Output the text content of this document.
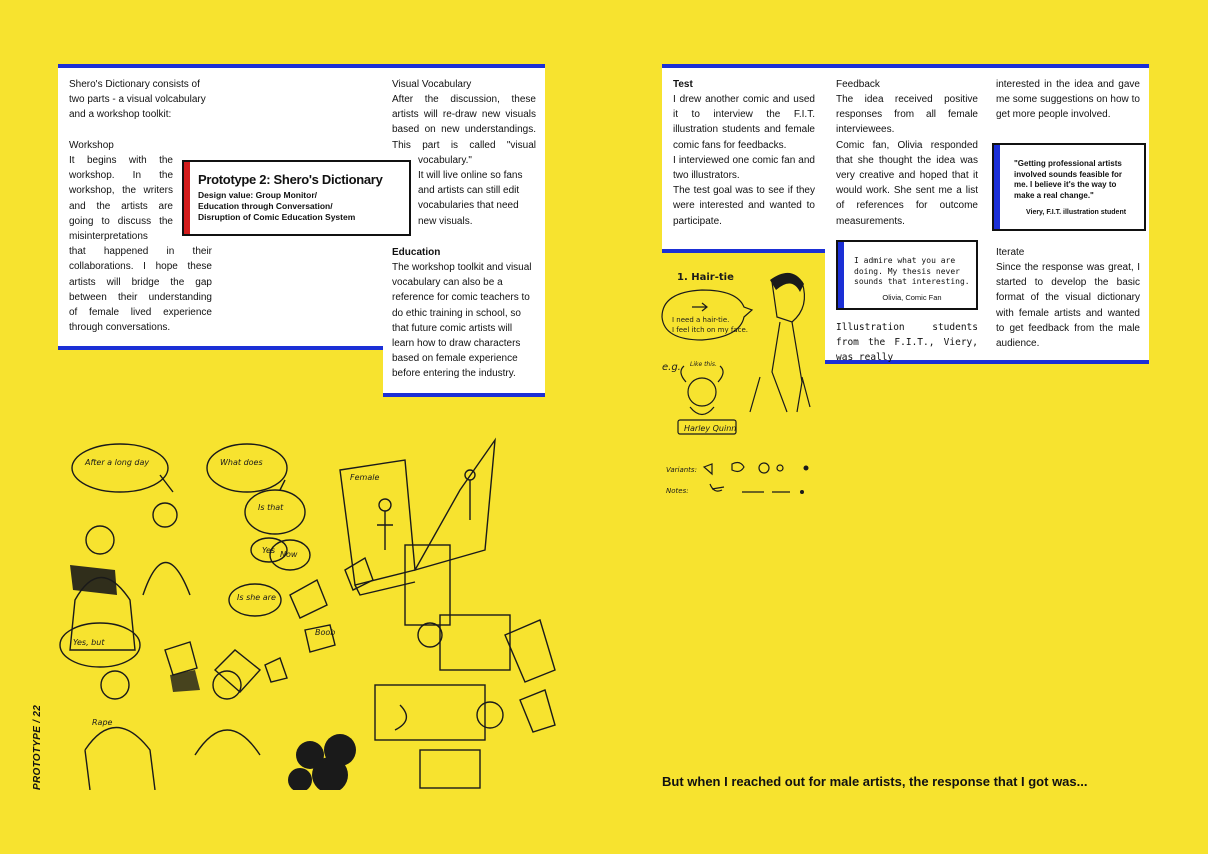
Shero's Dictionary consists of two parts - a visual volcabulary and a workshop toolkit:

Workshop
It begins with the
workshop. In the
workshop, the writers
and the artists are
going to discuss the
misinterpretations
that happened in their
collaborations. I hope these
artists will bridge the gap
between their understanding
of female lived experience
through conversations.
Prototype 2: Shero's Dictionary
Design value: Group Monitor/
Education through Conversation/
Disruption of Comic Education System
Visual Vocabulary
After the discussion, these
artists will re-draw new visuals
based on new understandings.
This part is called "visual
vocabulary."
It will live online so fans
and artists can still edit
vocabularies that need
new visuals.
Education

The workshop toolkit and visual vocabulary can also be a reference for comic teachers to do ethic training in school, so that future comic artists will learn how to draw characters based on female experience before entering the industry.

After a long day	What does
Is that
Yes Now
Is she are
Yes, but
Rape
Female
Boob
PROTOTYPE / 22
Test

I drew another comic and used it to interview the F.I.T. illustration students and female comic fans for feedbacks.

I interviewed one comic fan and two illustrators.

The test goal was to see if they were interested and wanted to participate.

Feedback

The idea received positive responses from all female interviewees.

Comic fan, Olivia responded that she thought the idea was very creative and hoped that it would work. She sent me a list of references for outcome measurements.

I admire what you are doing. My thesis never sounds that interesting.
Olivia, Comic Fan

Illustration students from the F.I.T., Viery, was really

interested in the idea and gave me some suggestions on how to get more people involved.

"Getting professional artists involved sounds feasible for me. I believe it's the way to make a real change."
Viery, F.I.T. illustration student
Iterate

Since the response was great, I started to develop the basic format of the visual dictionary with female artists and wanted to get feedback from the male audience.

1. Hair-tie
I need a hair-tie.
I feel itch on my face.
e.g. Like this.
Harley Quinn
Variants:
Notes:
But when I reached out for male artists, the response that I got was...
